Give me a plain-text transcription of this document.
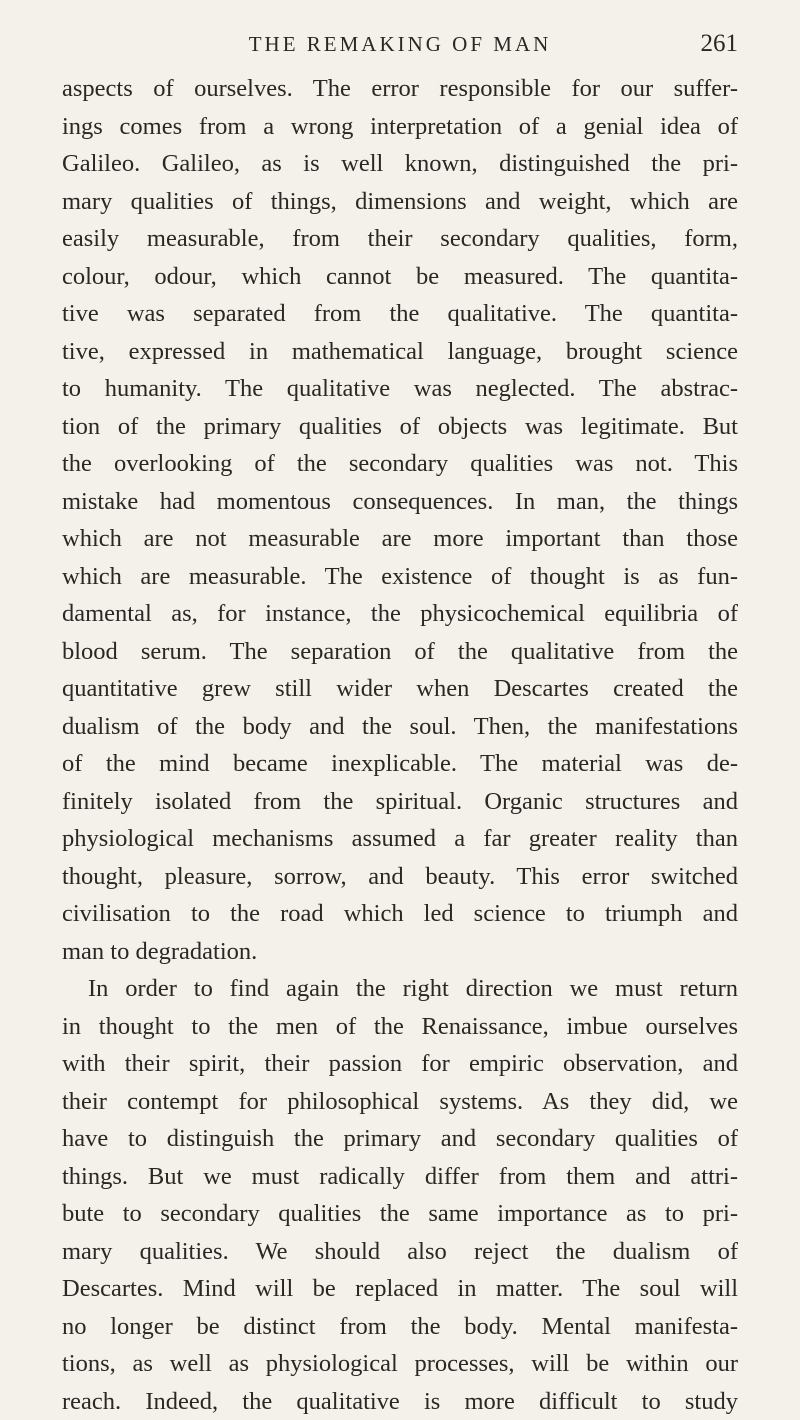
THE REMAKING OF MAN	261
aspects of ourselves. The error responsible for our suffer-
ings comes from a wrong interpretation of a genial idea of
Galileo. Galileo, as is well known, distinguished the pri-
mary qualities of things, dimensions and weight, which are
easily measurable, from their secondary qualities, form,
colour, odour, which cannot be measured. The quantita-
tive was separated from the qualitative. The quantita-
tive, expressed in mathematical language, brought science
to humanity. The qualitative was neglected. The abstrac-
tion of the primary qualities of objects was legitimate. But
the overlooking of the secondary qualities was not. This
mistake had momentous consequences. In man, the things
which are not measurable are more important than those
which are measurable. The existence of thought is as fun-
damental as, for instance, the physicochemical equilibria of
blood serum. The separation of the qualitative from the
quantitative grew still wider when Descartes created the
dualism of the body and the soul. Then, the manifestations
of the mind became inexplicable. The material was de-
finitely isolated from the spiritual. Organic structures and
physiological mechanisms assumed a far greater reality than
thought, pleasure, sorrow, and beauty. This error switched
civilisation to the road which led science to triumph and
man to degradation.
In order to find again the right direction we must return
in thought to the men of the Renaissance, imbue ourselves
with their spirit, their passion for empiric observation, and
their contempt for philosophical systems. As they did, we
have to distinguish the primary and secondary qualities of
things. But we must radically differ from them and attri-
bute to secondary qualities the same importance as to pri-
mary qualities. We should also reject the dualism of
Descartes. Mind will be replaced in matter. The soul will
no longer be distinct from the body. Mental manifesta-
tions, as well as physiological processes, will be within our
reach. Indeed, the qualitative is more difficult to study
